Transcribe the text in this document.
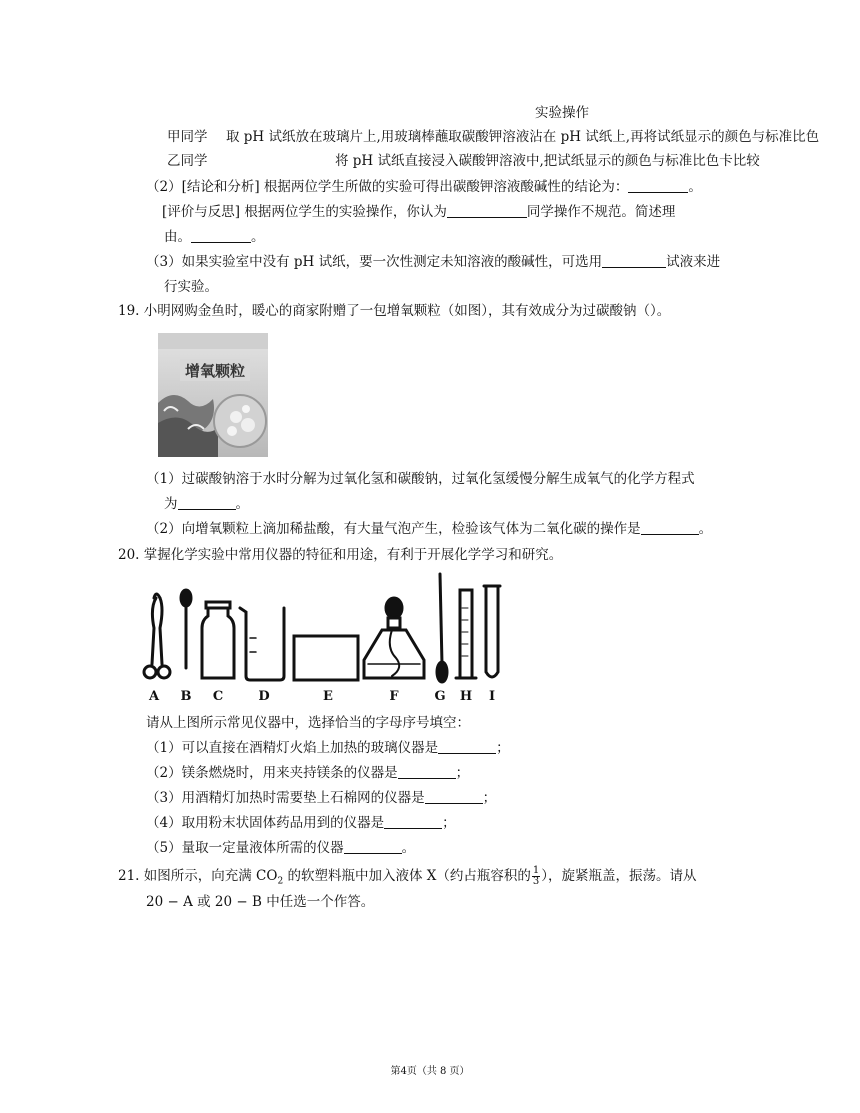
实验操作
甲同学 取 pH 试纸放在玻璃片上,用玻璃棒蘸取碳酸钾溶液沾在 pH 试纸上,再将试纸显示的颜色与标准比色
乙同学	将 pH 试纸直接浸入碳酸钾溶液中,把试纸显示的颜色与标准比色卡比较
（2）[结论和分析] 根据两位学生所做的实验可得出碳酸钾溶液酸碱性的结论为：	。
[评价与反思] 根据两位学生的实验操作，你认为	同学操作不规范。简述理
由。	。
（3）如果实验室中没有 pH 试纸，要一次性测定未知溶液的酸碱性，可选用	试液来进
行实验。
19. 小明网购金鱼时，暖心的商家附赠了一包增氧颗粒（如图），其有效成分为过碳酸钠（）。
增氧颗粒
（1）过碳酸钠溶于水时分解为过氧化氢和碳酸钠，过氧化氢缓慢分解生成氧气的化学方程式
为	。
（2）向增氧颗粒上滴加稀盐酸，有大量气泡产生，检验该气体为二氧化碳的操作是	。
20. 掌握化学实验中常用仪器的特征和用途，有利于开展化学学习和研究。
A B C	D	E	F	G H I
请从上图所示常见仪器中，选择恰当的字母序号填空：
（1）可以直接在酒精灯火焰上加热的玻璃仪器是	；
（2）镁条燃烧时，用来夹持镁条的仪器是	；
（3）用酒精灯加热时需要垫上石棉网的仪器是	；
（4）取用粉末状固体药品用到的仪器是	；
（5）量取一定量液体所需的仪器	。
21. 如图所示，向充满 $CO_2$ 的软塑料瓶中加入液体 X（约占瓶容积的 $\frac{1}{3}$ ），旋紧瓶盖，振荡。请从
20 − A 或 20 − B 中任选一个作答。
第4页（共 8 页）
